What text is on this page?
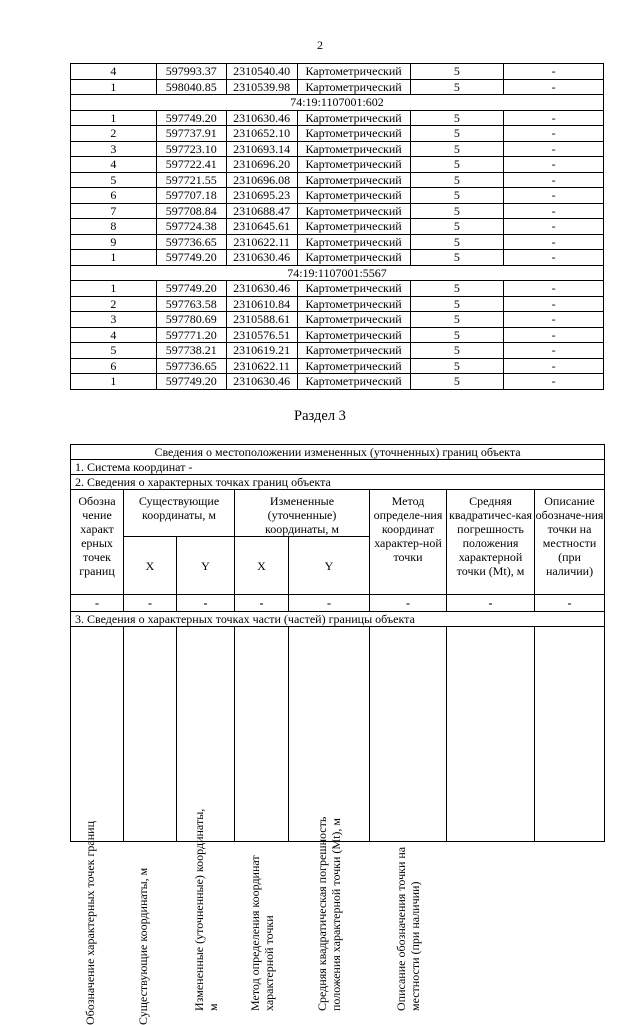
2
4	597993.37	2310540.40	Картометрический	5	-
1	598040.85	2310539.98	Картометрический	5	-
74:19:1107001:602					
1	597749.20	2310630.46	Картометрический	5	-
2	597737.91	2310652.10	Картометрический	5	-
3	597723.10	2310693.14	Картометрический	5	-
4	597722.41	2310696.20	Картометрический	5	-
5	597721.55	2310696.08	Картометрический	5	-
6	597707.18	2310695.23	Картометрический	5	-
7	597708.84	2310688.47	Картометрический	5	-
8	597724.38	2310645.61	Картометрический	5	-
9	597736.65	2310622.11	Картометрический	5	-
1	597749.20	2310630.46	Картометрический	5	-
74:19:1107001:5567					
1	597749.20	2310630.46	Картометрический	5	-
2	597763.58	2310610.84	Картометрический	5	-
3	597780.69	2310588.61	Картометрический	5	-
4	597771.20	2310576.51	Картометрический	5	-
5	597738.21	2310619.21	Картометрический	5	-
6	597736.65	2310622.11	Картометрический	5	-
1	597749.20	2310630.46	Картометрический	5	-
Раздел 3
Сведения о местоположении измененных (уточненных) границ объекта							
1. Система координат -							
2. Сведения о характерных точках границ объекта							
Обозна чение характ ерных точек границ	Существующие координаты, м		Измененные (уточненные) координаты, м		Метод определе-ния координат характер-ной точки	Средняя квадратичес-кая погрешность положения характерной точки (Mt), м	Описание обозначе-ния точки на местности (при наличии)
	X	Y	X	Y			
-	-	-	-	-	-	-	-
3. Сведения о характерных точках части (частей) границы объекта							

Обозначение характерных точек границ	Существующие координаты, м	Измененные (уточненные) координаты, м	Метод определения координат характерной точки	Средняя квадратическая погрешность положения характерной точки (Mt), м	Описание обозначения точки на местности (при наличии)		
